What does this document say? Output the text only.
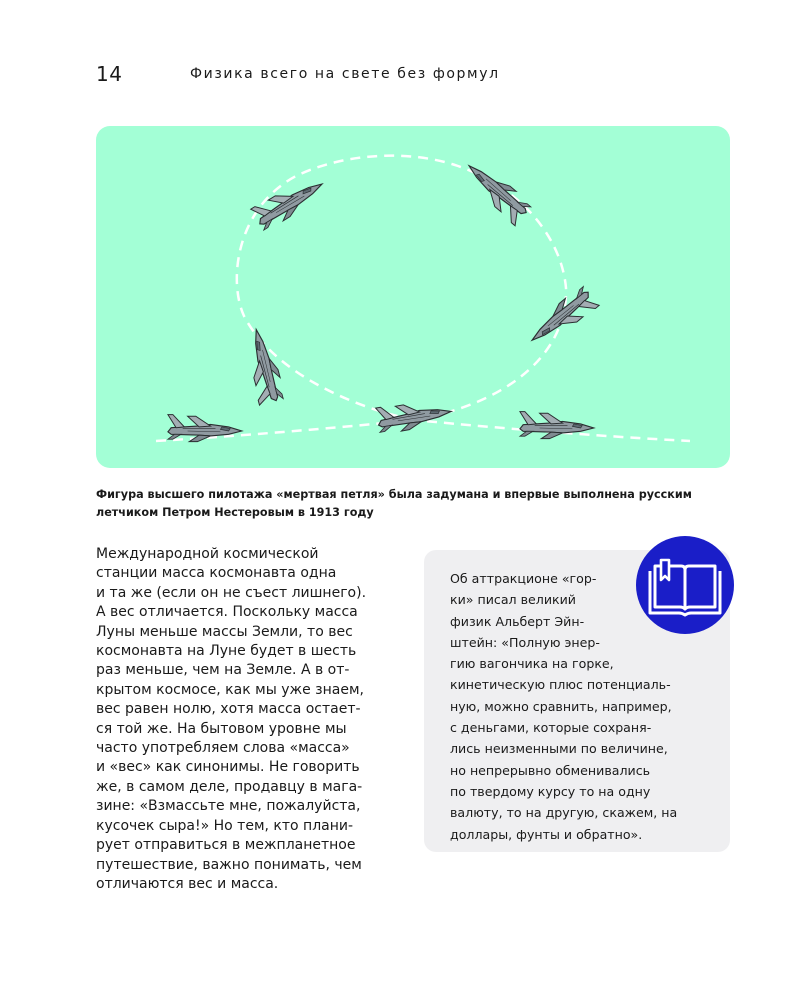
14	Физика всего на свете без формул

Фигура высшего пилотажа «мертвая петля» была задумана и впервые выполнена русским
летчиком Петром Нестеровым в 1913 году

Международной космической
станции масса космонавта одна
и та же (если он не съест лишнего).
А вес отличается. Поскольку масса
Луны меньше массы Земли, то вес
космонавта на Луне будет в шесть
раз меньше, чем на Земле. А в от-
крытом космосе, как мы уже знаем,
вес равен нолю, хотя масса остает-
ся той же. На бытовом уровне мы
часто употребляем слова «масса»
и «вес» как синонимы. Не говорить
же, в самом деле, продавцу в мага-
зине: «Взмассьте мне, пожалуйста,
кусочек сыра!» Но тем, кто плани-
рует отправиться в межпланетное
путешествие, важно понимать, чем
отличаются вес и масса.

Об аттракционе «гор-
ки» писал великий
физик Альберт Эйн-
штейн: «Полную энер-
гию вагончика на горке,
кинетическую плюс потенциаль-
ную, можно сравнить, например,
с деньгами, которые сохраня-
лись неизменными по величине,
но непрерывно обменивались
по твердому курсу то на одну
валюту, то на другую, скажем, на
доллары, фунты и обратно».
